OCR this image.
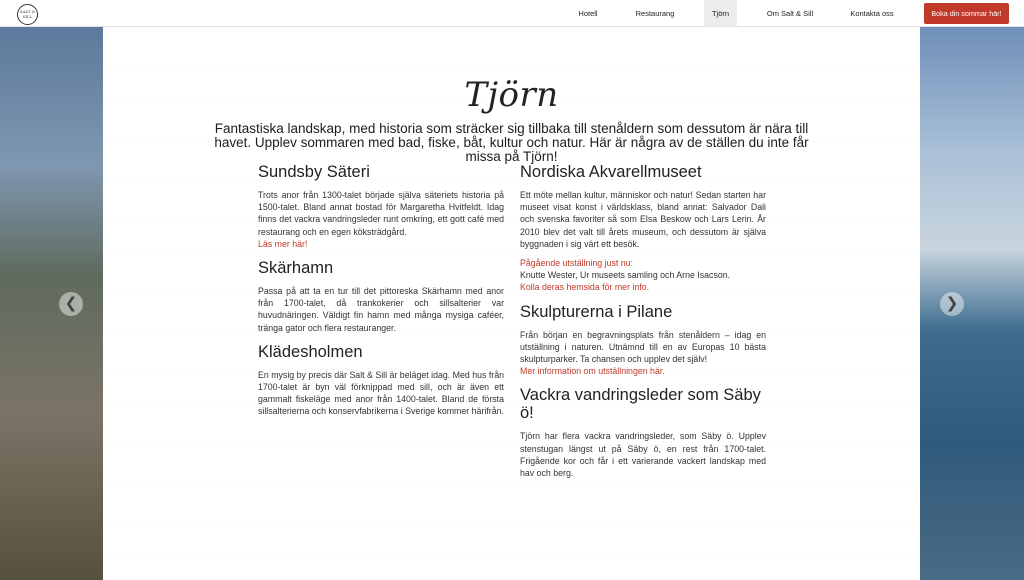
SALT & SILL	Hotell	Restaurang	Tjörn	Om Salt & Sill	Kontakta oss	Boka din sommar här!
Tjörn
Fantastiska landskap, med historia som sträcker sig tillbaka till stenåldern som dessutom är nära till havet. Upplev sommaren med bad, fiske, båt, kultur och natur. Här är några av de ställen du inte får missa på Tjörn!
Sundsby Säteri

Trots anor från 1300-talet började själva säteriets historia på 1500-talet. Bland annat bostad för Margaretha Hvitfeldt. Idag finns det vackra vandringsleder runt omkring, ett gott café med restaurang och en egen köksträdgård.

Läs mer här!
Skärhamn

Passa på att ta en tur till det pittoreska Skärhamn med anor från 1700-talet, då trankokerier och sillsalterier var huvudnäringen. Väldigt fin hamn med många mysiga caféer, tränga gator och flera restauranger.

Klädesholmen

En mysig by precis där Salt & Sill är beläget idag. Med hus från 1700-talet är byn väl förknippad med sill, och är även ett gammalt fiskeläge med anor från 1400-talet. Bland de första sillsalterierna och konservfabrikerna i Sverige kommer härifrån.

Nordiska Akvarellmuseet

Ett möte mellan kultur, människor och natur! Sedan starten har museet visat konst i världsklass, bland annat: Salvador Dali och svenska favoriter så som Elsa Beskow och Lars Lerin. År 2010 blev det valt till årets museum, och dessutom är själva byggnaden i sig värt ett besök.

Pågående utställning just nu:
Knutte Wester, Ur museets samling och Arne Isacson.
Kolla deras hemsida för mer info.
Skulpturerna i Pilane

Från början en begravningsplats från stenåldern – idag en utställning i naturen. Utnämnd till en av Europas 10 bästa skulpturparker. Ta chansen och upplev det själv!

Mer information om utställningen här.
Vackra vandringsleder som Säby ö!

Tjörn har flera vackra vandringsleder, som Säby ö. Upplev stenstugan längst ut på Säby ö, en rest från 1700-talet. Frigående kor och får i ett varierande vackert landskap med hav och berg.

❮	❯
